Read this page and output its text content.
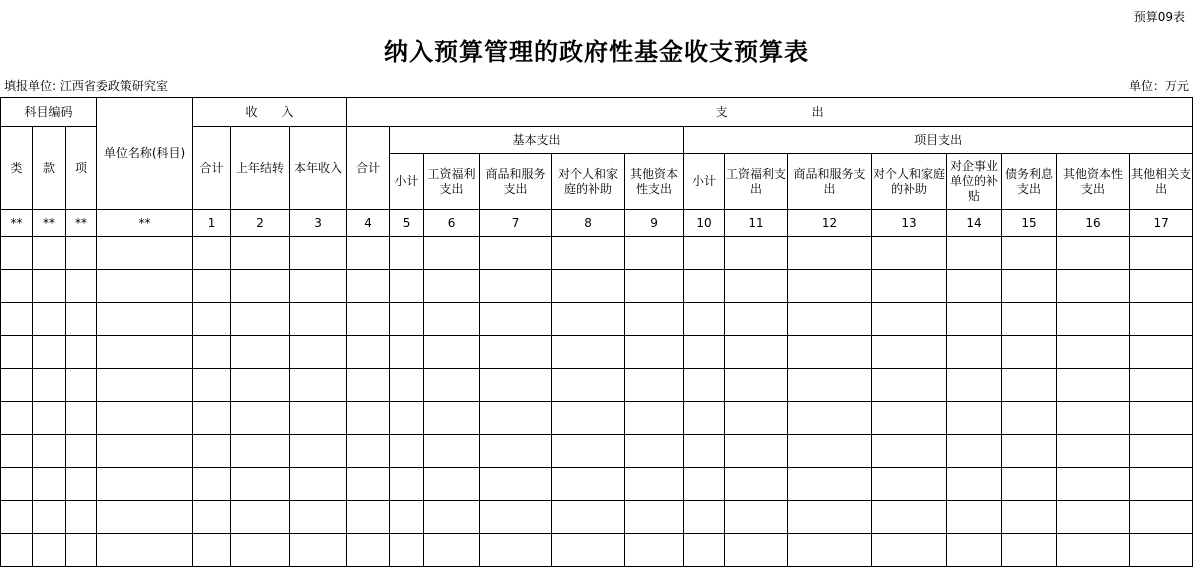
预算09表
纳入预算管理的政府性基金收支预算表
填报单位: 江西省委政策研究室	单位：万元
科目编码			单位名称(科目)	收　　入			支　　　　　　　出													
类	款	项		合计	上年结转	本年收入	合计	基本支出					项目支出							
								小计	工资福利支出	商品和服务支出	对个人和家庭的补助	其他资本性支出	小计	工资福利支出	商品和服务支出	对个人和家庭的补助	对企事业单位的补贴	债务利息支出	其他资本性支出	其他相关支出
**	**	**	**	1	2	3	4	5	6	7	8	9	10	11	12	13	14	15	16	17
